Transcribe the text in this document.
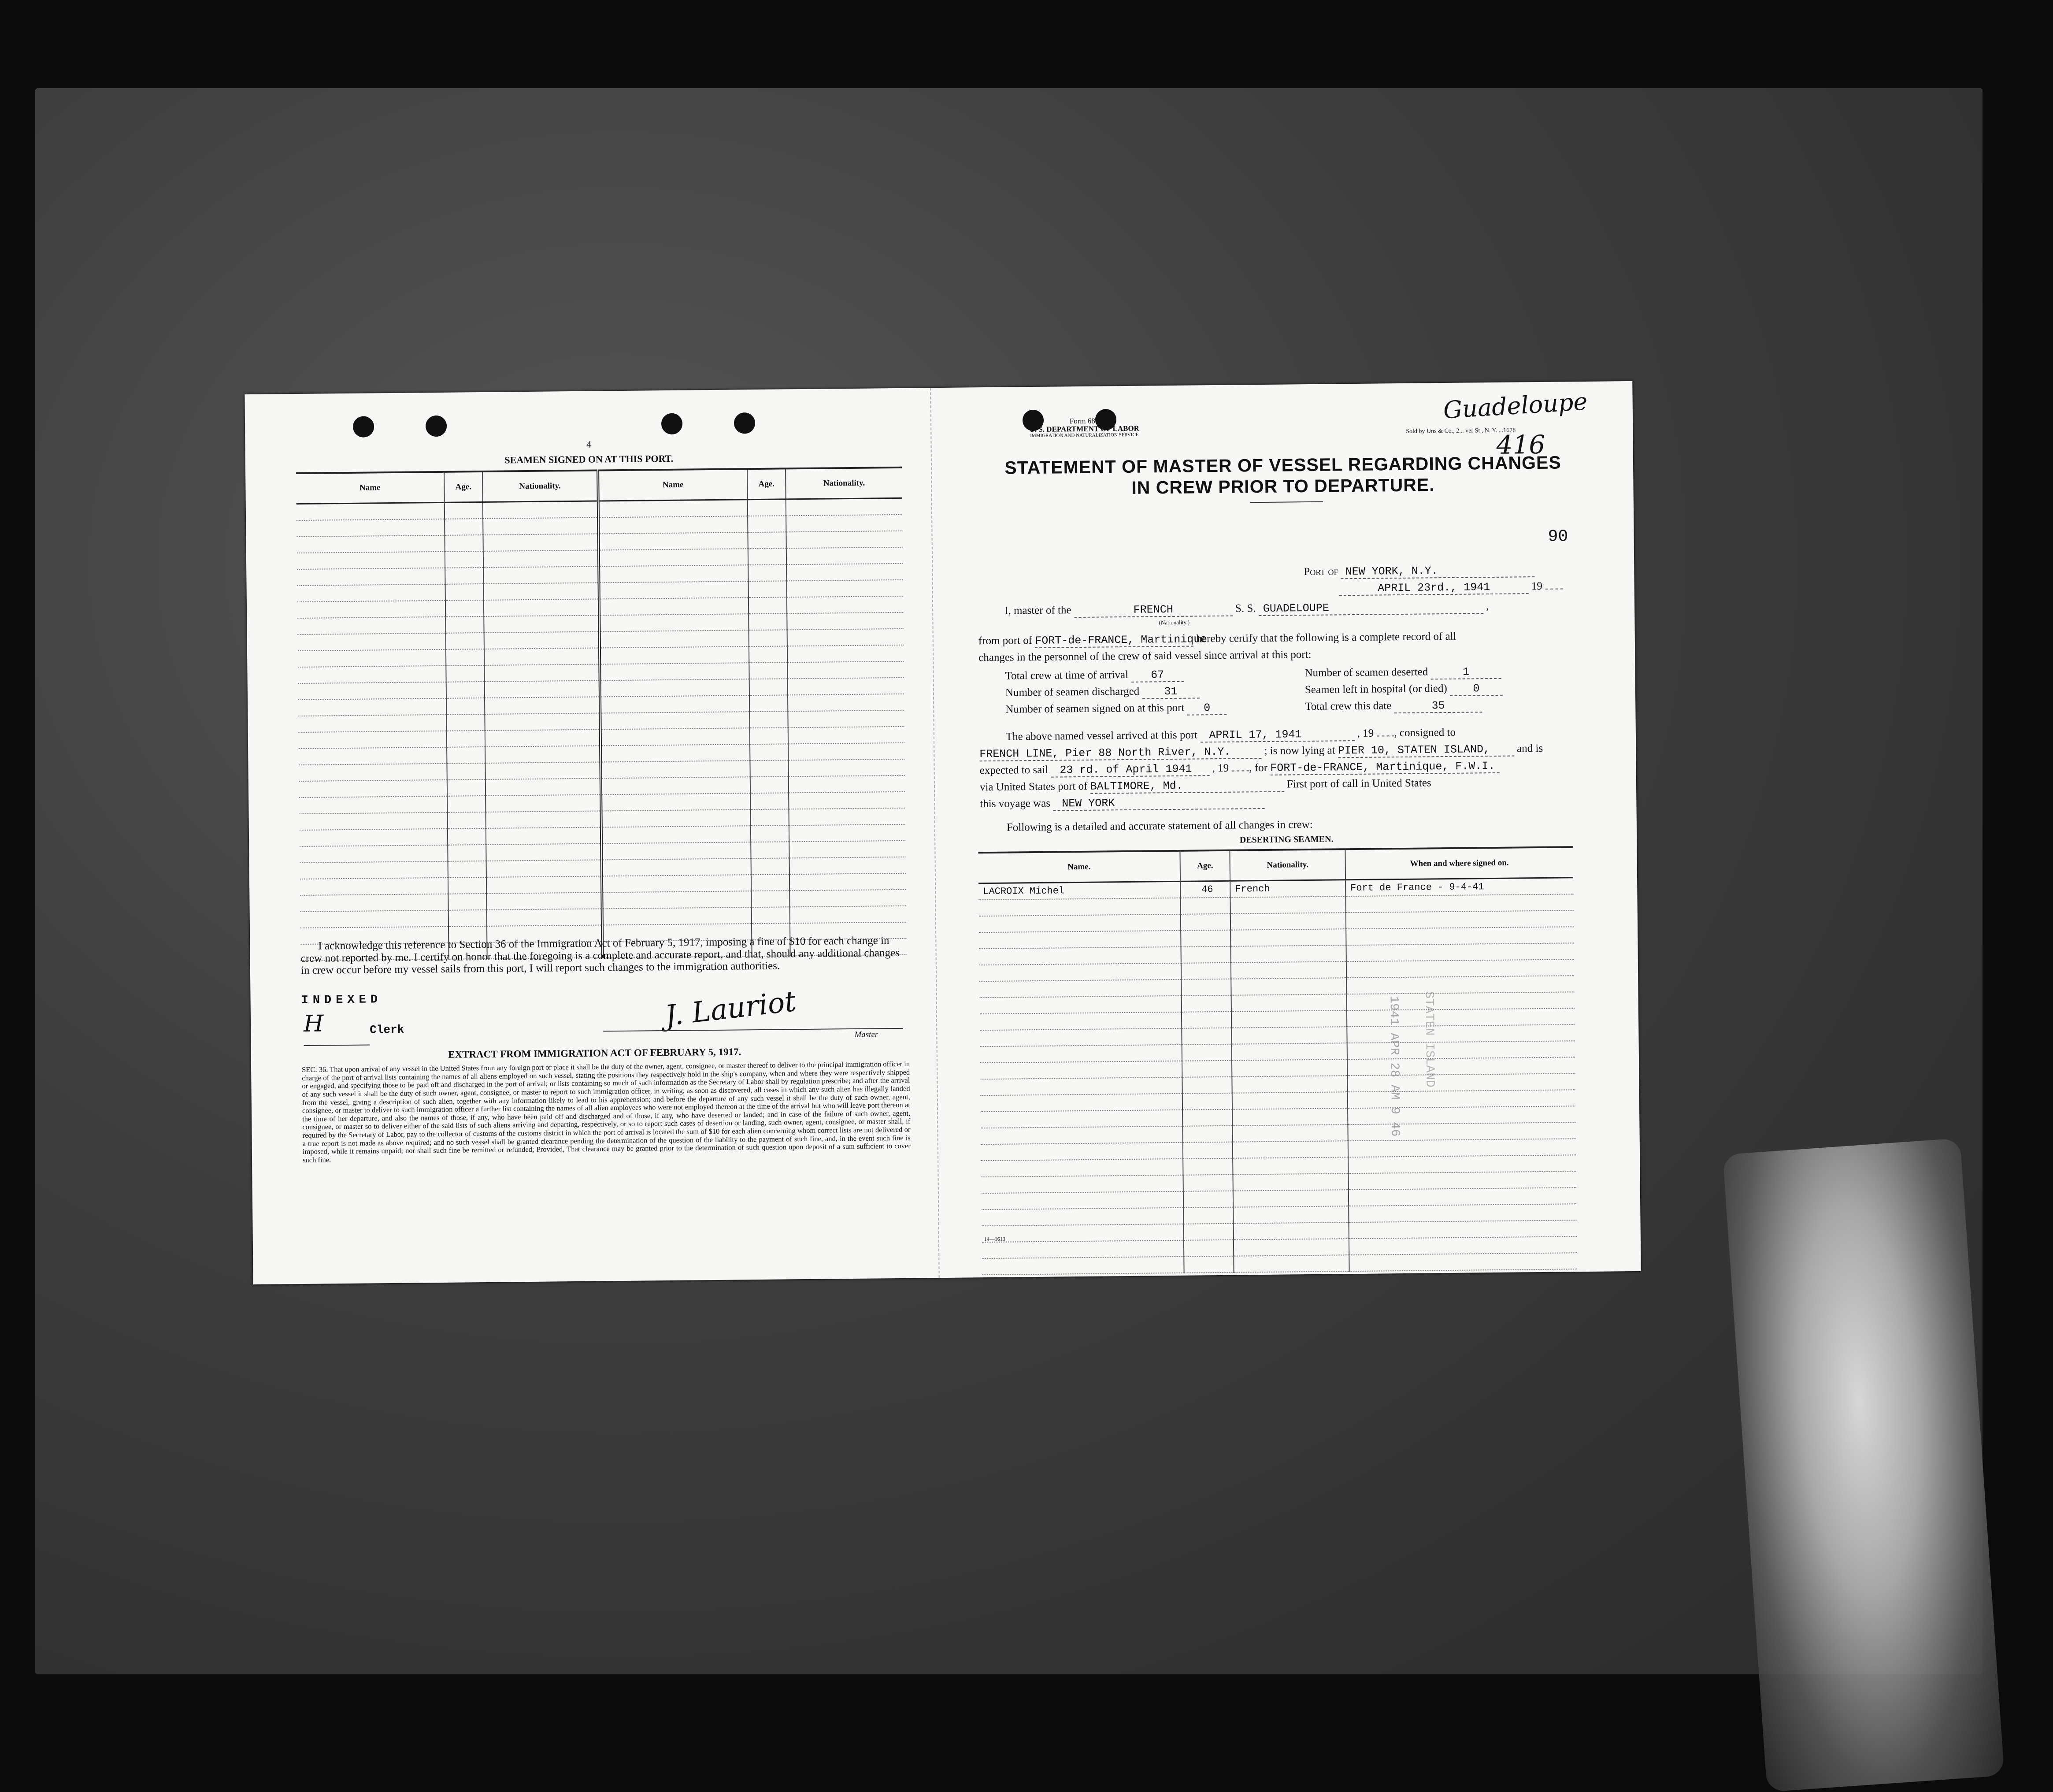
4
SEAMEN SIGNED ON AT THIS PORT.
Name	Age.	Nationality.	Name	Age.	Nationality.

I acknowledge this reference to Section 36 of the Immigration Act of February 5, 1917, imposing a fine of $10 for each change in crew not reported by me. I certify on honor that the foregoing is a complete and accurate report, and that, should any additional changes in crew occur before my vessel sails from this port, I will report such changes to the immigration authorities.
INDEXED
H	Clerk	J. Lauriot
Master
EXTRACT FROM IMMIGRATION ACT OF FEBRUARY 5, 1917.
SEC. 36. That upon arrival of any vessel in the United States from any foreign port or place it shall be the duty of the owner, agent, consignee, or master thereof to deliver to the principal immigration officer in charge of the port of arrival lists containing the names of all aliens employed on such vessel, stating the positions they respectively hold in the ship's company, when and where they were respectively shipped or engaged, and specifying those to be paid off and discharged in the port of arrival; or lists containing so much of such information as the Secretary of Labor shall by regulation prescribe; and after the arrival of any such vessel it shall be the duty of such owner, agent, consignee, or master to report to such immigration officer, in writing, as soon as discovered, all cases in which any such alien has illegally landed from the vessel, giving a description of such alien, together with any information likely to lead to his apprehension; and before the departure of any such vessel it shall be the duty of such owner, agent, consignee, or master to deliver to such immigration officer a further list containing the names of all alien employees who were not employed thereon at the time of the arrival but who will leave port thereon at the time of her departure, and also the names of those, if any, who have been paid off and discharged and of those, if any, who have deserted or landed; and in case of the failure of such owner, agent, consignee, or master so to deliver either of the said lists of such aliens arriving and departing, respectively, or so to report such cases of desertion or landing, such owner, agent, consignee, or master shall, if required by the Secretary of Labor, pay to the collector of customs of the customs district in which the port of arrival is located the sum of $10 for each alien concerning whom correct lists are not delivered or a true report is not made as above required; and no such vessel shall be granted clearance pending the determination of the question of the liability to the payment of such fine, and, in the event such fine is imposed, while it remains unpaid; nor shall such fine be remitted or refunded; Provided, That clearance may be granted prior to the determination of such question upon deposit of a sum sufficient to cover such fine.
Form 689
U. S. DEPARTMENT OF LABOR
IMMIGRATION AND NATURALIZATION SERVICE
Sold by Uns & Co., 2... ver St., N. Y. ...1678
Guadeloupe
416
STATEMENT OF MASTER OF VESSEL REGARDING CHANGES
IN CREW PRIOR TO DEPARTURE.
90
Port of NEW YORK, N.Y.
APRIL 23rd., 1941	19
I, master of the	FRENCH	S. S. GUADELOUPE	,
(Nationality.)
from port of FORT-de-FRANCE, Martinique hereby certify that the following is a complete record of all
changes in the personnel of the crew of said vessel since arrival at this port:
Total crew at time of arrival 67	Number of seamen deserted	1
Number of seamen discharged 31	Seamen left in hospital (or died) 0
Number of seamen signed on at this port 0	Total crew this date	35
The above named vessel arrived at this port APRIL 17, 1941	, 19 , consigned to
FRENCH LINE, Pier 88 North River, N.Y.	; is now lying at PIER 10, STATEN ISLAND, and is
expected to sail 23 rd. of April 1941 , 19 , for FORT-de-FRANCE, Martinique, F.W.I.
via United States port of BALTIMORE, Md.	First port of call in United States
this voyage was NEW YORK
Following is a detailed and accurate statement of all changes in crew:
DESERTING SEAMEN.
Name.	Age.	Nationality.	When and where signed on.
LACROIX Michel	46	French	Fort de France - 9-4-41

1941 APR 28 AM 9 46 STATEN ISLAND
14—1613
